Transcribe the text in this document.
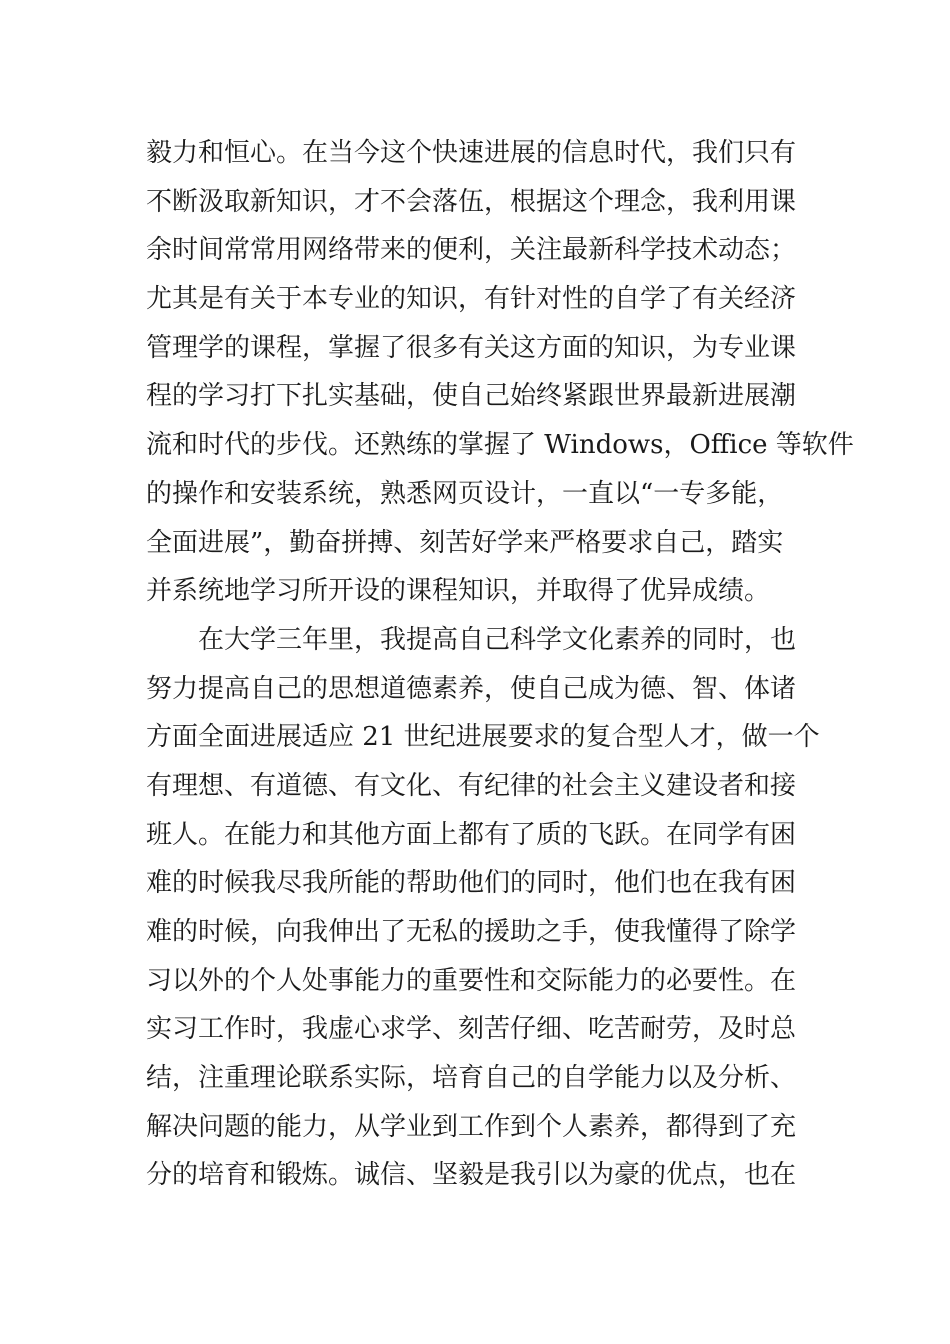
毅力和恒心。在当今这个快速进展的信息时代，我们只有
不断汲取新知识，才不会落伍，根据这个理念，我利用课
余时间常常用网络带来的便利，关注最新科学技术动态；
尤其是有关于本专业的知识，有针对性的自学了有关经济
管理学的课程，掌握了很多有关这方面的知识，为专业课
程的学习打下扎实基础，使自己始终紧跟世界最新进展潮
流和时代的步伐。还熟练的掌握了 Windows，Office 等软件
的操作和安装系统，熟悉网页设计，一直以“一专多能，
全面进展”，勤奋拼搏、刻苦好学来严格要求自己，踏实
并系统地学习所开设的课程知识，并取得了优异成绩。
在大学三年里，我提高自己科学文化素养的同时，也
努力提高自己的思想道德素养，使自己成为德、智、体诸
方面全面进展适应 21 世纪进展要求的复合型人才，做一个
有理想、有道德、有文化、有纪律的社会主义建设者和接
班人。在能力和其他方面上都有了质的飞跃。在同学有困
难的时候我尽我所能的帮助他们的同时，他们也在我有困
难的时候，向我伸出了无私的援助之手，使我懂得了除学
习以外的个人处事能力的重要性和交际能力的必要性。在
实习工作时，我虚心求学、刻苦仔细、吃苦耐劳，及时总
结，注重理论联系实际，培育自己的自学能力以及分析、
解决问题的能力，从学业到工作到个人素养，都得到了充
分的培育和锻炼。诚信、坚毅是我引以为豪的优点，也在
